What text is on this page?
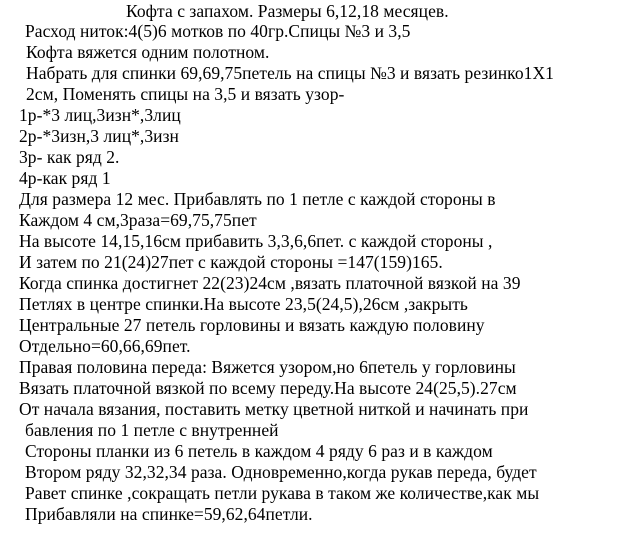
Кофта с запахом. Размеры 6,12,18 месяцев.
Расход ниток:4(5)6 мотков по 40гр.Спицы №3 и 3,5
Кофта вяжется одним полотном.
Набрать для спинки 69,69,75петель на спицы №3 и вязать резинко1Х1
2см, Поменять спицы на 3,5 и вязать узор-
1р-*3 лиц,3изн*,3лиц
2р-*3изн,3 лиц*,3изн
3р- как ряд 2.
4р-как ряд 1
Для размера 12 мес. Прибавлять по 1 петле с каждой стороны в
Каждом 4 см,3раза=69,75,75пет
На высоте 14,15,16см прибавить 3,3,6,6пет. с каждой стороны ,
И затем по 21(24)27пет с каждой стороны =147(159)165.
Когда спинка достигнет 22(23)24см ,вязать платочной вязкой на 39
Петлях в центре спинки.На высоте 23,5(24,5),26см ,закрыть
Центральные 27 петель горловины и вязать каждую половину
Отдельно=60,66,69пет.
Правая половина переда: Вяжется узором,но 6петель у горловины
Вязать платочной вязкой по всему переду.На высоте 24(25,5).27см
От начала вязания, поставить метку цветной ниткой и начинать при
бавления по 1 петле с внутренней
Стороны планки из 6 петель в каждом 4 ряду 6 раз и в каждом
Втором ряду 32,32,34 раза. Одновременно,когда рукав переда, будет
Равет спинке ,сокращать петли рукава в таком же количестве,как мы
Прибавляли на спинке=59,62,64петли.
